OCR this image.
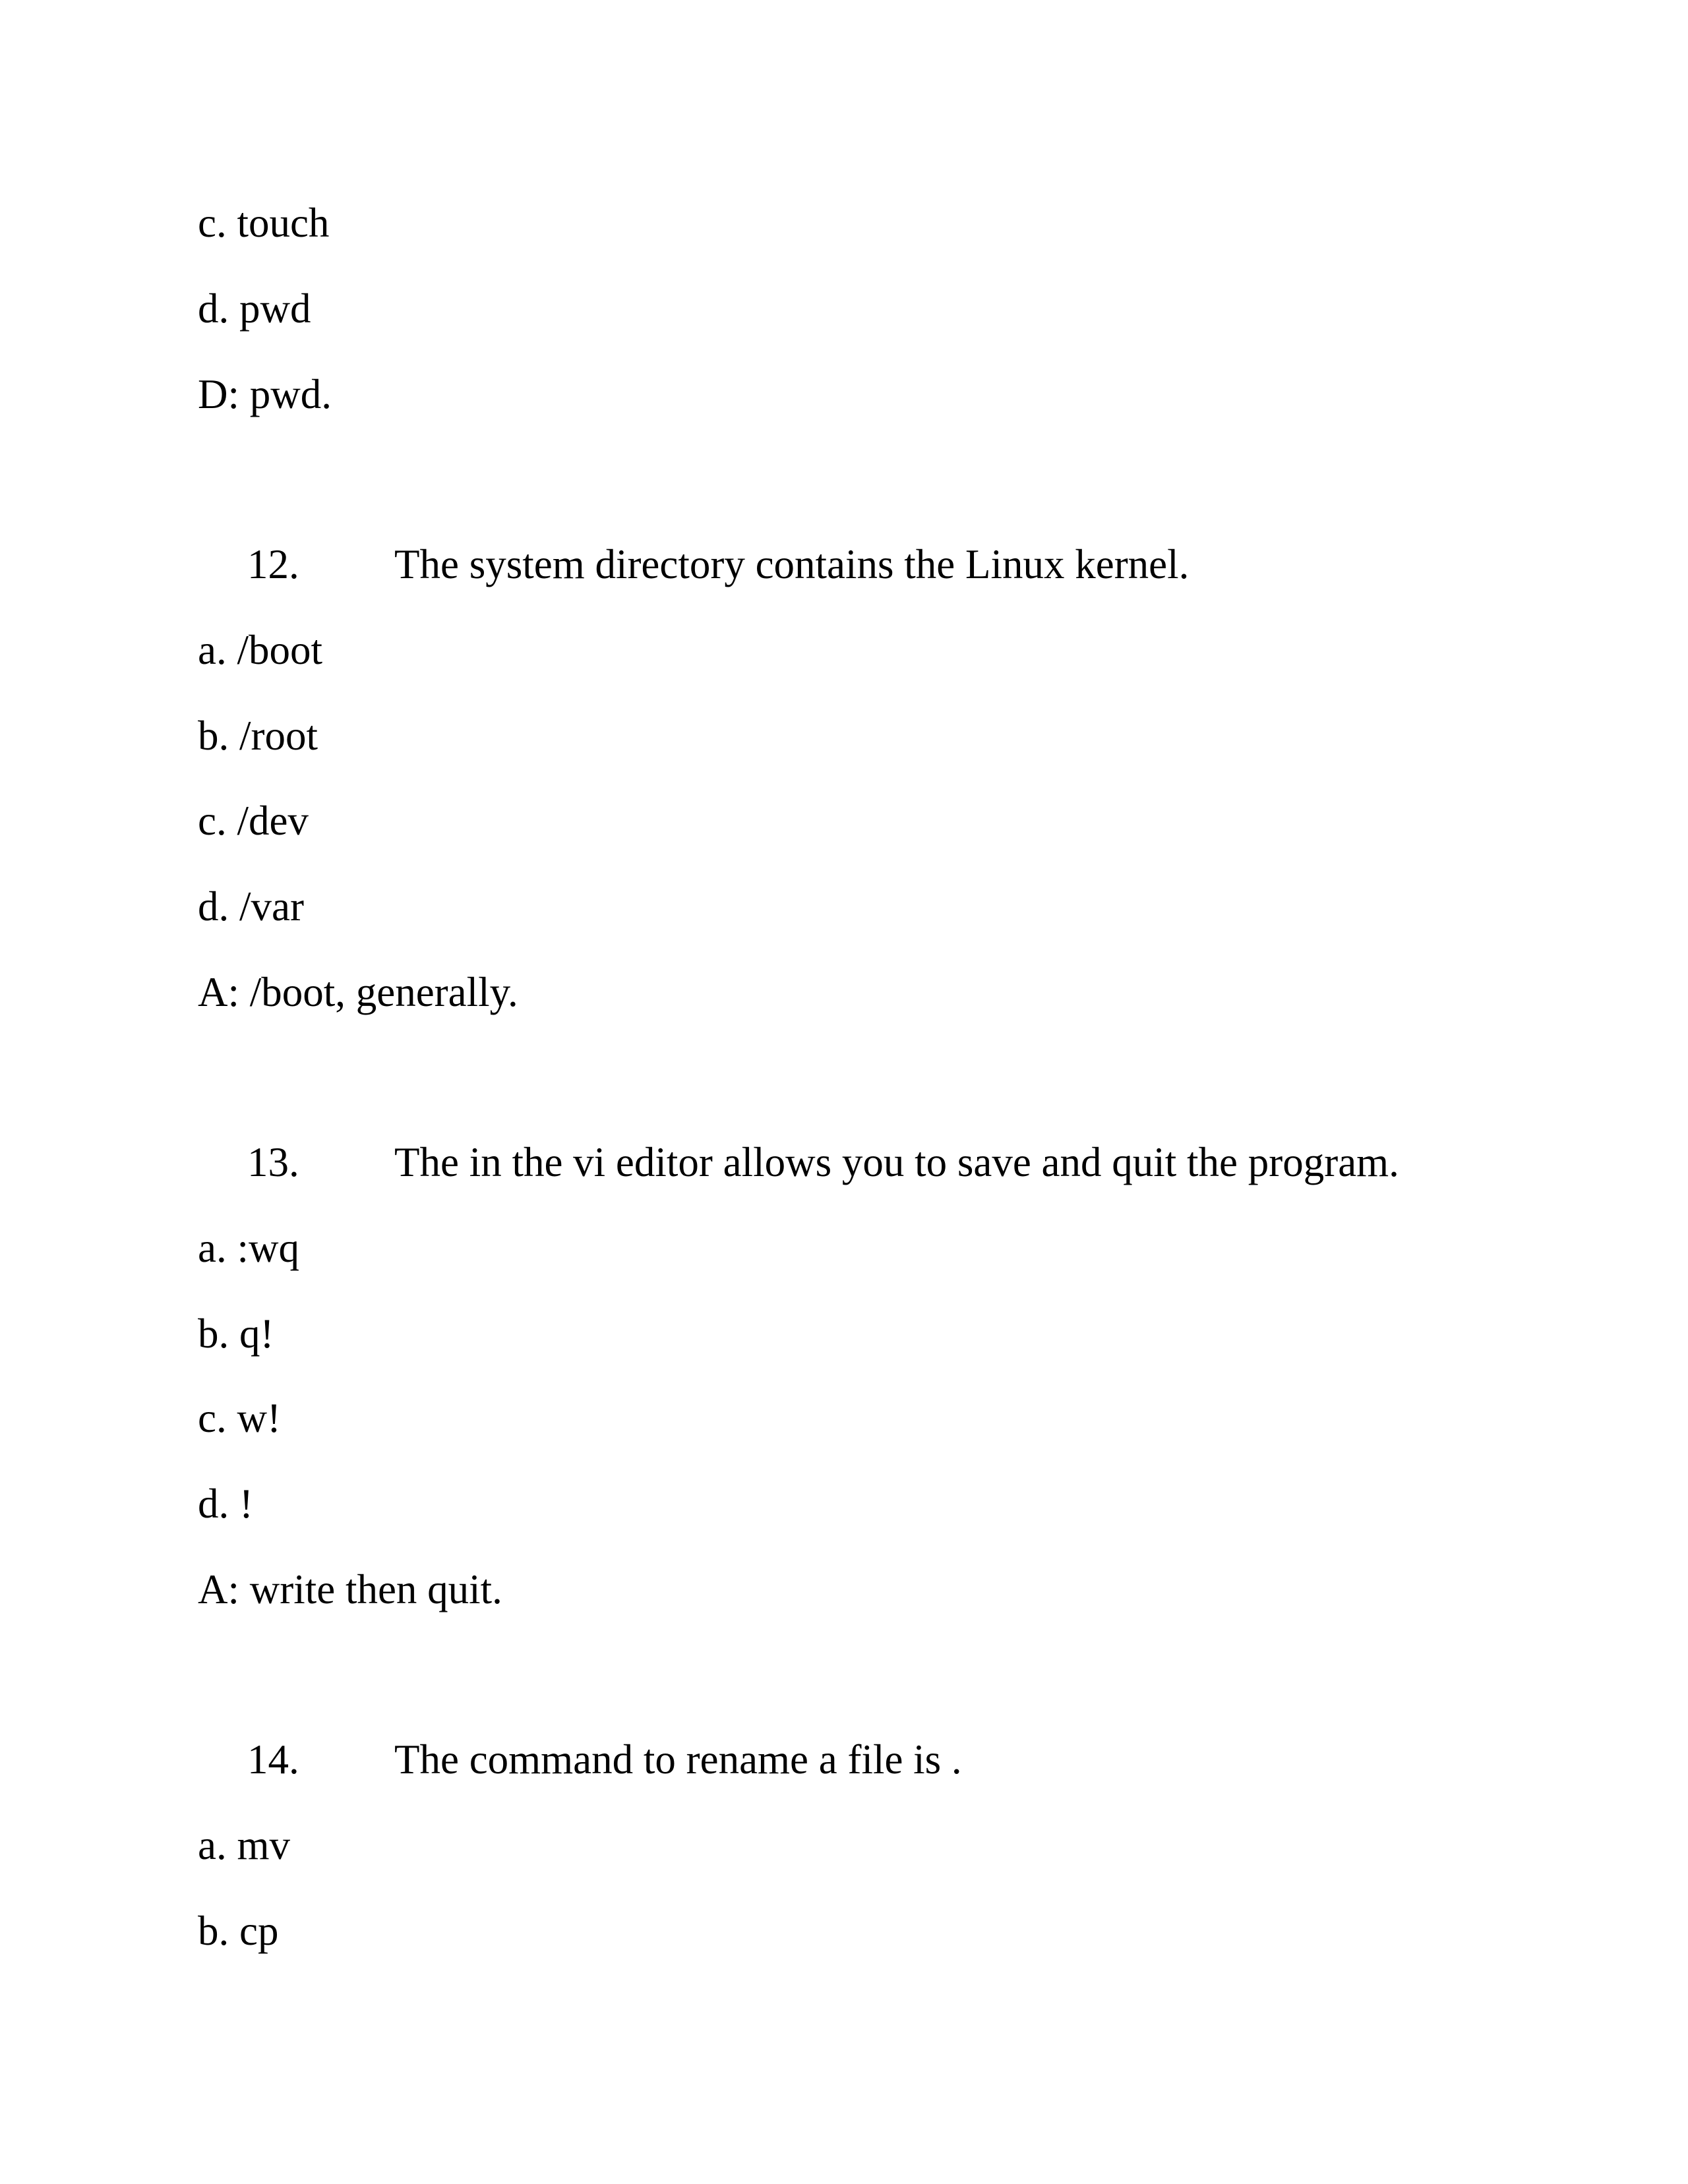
c. touch
d. pwd
D: pwd.
12. The system directory contains the Linux kernel.
a. /boot
b. /root
c. /dev
d. /var
A: /boot, generally.
13. The in the vi editor allows you to save and quit the program.
a. :wq
b. q!
c. w!
d. !
A: write then quit.
14. The command to rename a file is .
a. mv
b. cp
